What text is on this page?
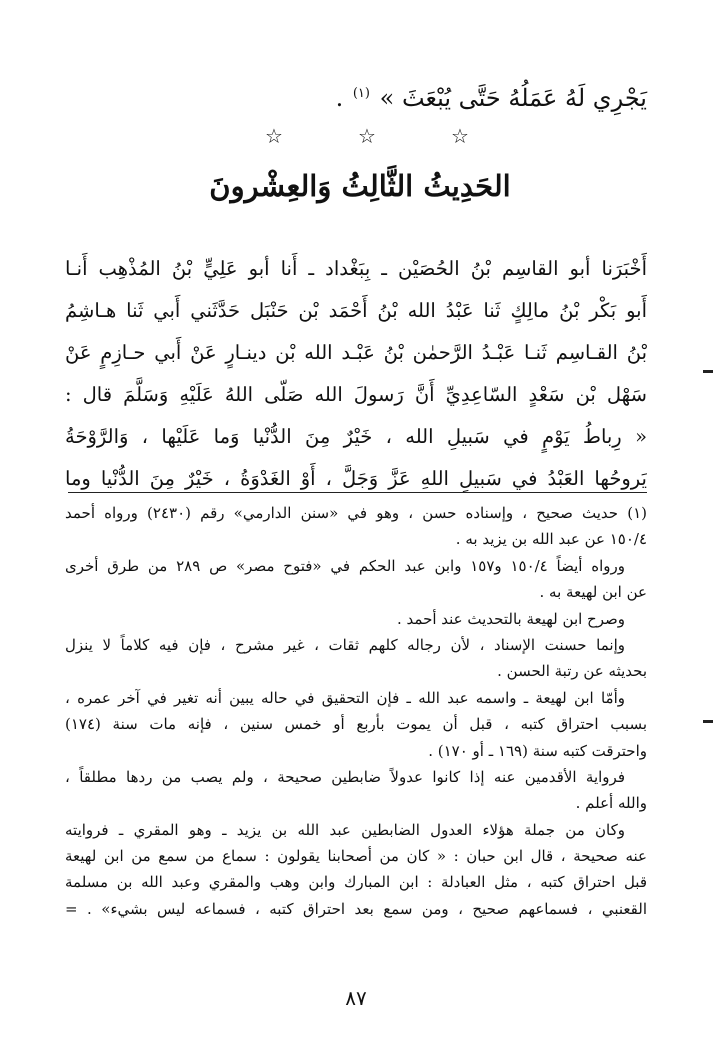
يَجْرِي لَهُ عَمَلُهُ حَتَّى يُبْعَثَ » $^{(١)}$ .
☆	☆	☆
الحَدِيثُ الثَّالِثُ وَالعِشْرونَ
أَخْبَرَنا أبو القاسِم بْنُ الحُصَيْن ـ بِبَغْداد ـ أَنا أبو عَلِيٍّ بْنُ المُذْهِب أَنـا
أَبو بَكْر بْنُ مالِكٍ ثَنا عَبْدُ الله بْنُ أَحْمَد بْن حَنْبَل حَدَّثَني أَبي ثَنا هـاشِمُ
بْنُ القـاسِم ثَنـا عَبْـدُ الرَّحمٰن بْنُ عَبْـد الله بْن دينـارٍ عَنْ أَبي حـازِمٍ عَنْ
سَهْل بْن سَعْدٍ السّاعِدِيِّ أَنَّ رَسولَ الله صَلّى اللهُ عَلَيْهِ وَسَلَّمَ قال :
« رِباطُ يَوْمٍ في سَبيلِ الله ، خَيْرٌ مِنَ الدُّنْيا وَما عَلَيْها ، وَالرَّوْحَةُ
يَروحُها العَبْدُ في سَبيلِ اللهِ عَزَّ وَجَلَّ ، أَوْ الغَدْوَةُ ، خَيْرٌ مِنَ الدُّنْيا وما
(١) حديث صحيح ، وإسناده حسن ، وهو في «سنن الدارمي» رقم (٢٤٣٠) ورواه أحمد
١٥٠/٤ عن عبد الله بن يزيد به .
ورواه أيضاً ١٥٠/٤ و١٥٧ وابن عبد الحكم في «فتوح مصر» ص ٢٨٩ من طرق أخرى
عن ابن لهيعة به .
وصرح ابن لهيعة بالتحديث عند أحمد .
وإنما حسنت الإسناد ، لأن رجاله كلهم ثقات ، غير مشرح ، فإن فيه كلاماً لا ينزل
بحديثه عن رتبة الحسن .
وأمّا ابن لهيعة ـ واسمه عبد الله ـ فإن التحقيق في حاله يبين أنه تغير في آخر عمره ،
بسبب احتراق كتبه ، قبل أن يموت بأربع أو خمس سنين ، فإنه مات سنة (١٧٤)
واحترقت كتبه سنة (١٦٩ ـ أو ١٧٠) .
فرواية الأقدمين عنه إذا كانوا عدولاً ضابطين صحيحة ، ولم يصب من ردها مطلقاً ،
والله أعلم .
وكان من جملة هؤلاء العدول الضابطين عبد الله بن يزيد ـ وهو المقري ـ فروايته
عنه صحيحة ، قال ابن حبان : « كان من أصحابنا يقولون : سماع من سمع من ابن لهيعة
قبل احتراق كتبه ، مثل العبادلة : ابن المبارك وابن وهب والمقري وعبد الله بن مسلمة
القعنبي ، فسماعهم صحيح ، ومن سمع بعد احتراق كتبه ، فسماعه ليس بشيء» . =
٨٧
